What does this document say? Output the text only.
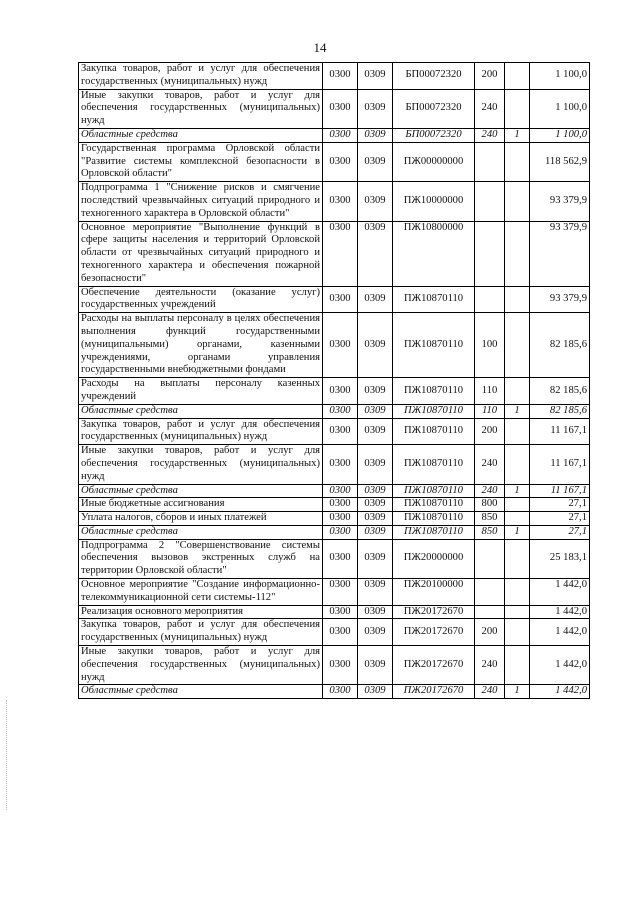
14
Закупка товаров, работ и услуг для обеспечения государственных (муниципальных) нужд	0300	0309	БП00072320	200		1 100,0
Иные закупки товаров, работ и услуг для обеспечения государственных (муниципальных) нужд	0300	0309	БП00072320	240		1 100,0
Областные средства	0300	0309	БП00072320	240	1	1 100,0
Государственная программа Орловской области "Развитие системы комплексной безопасности в Орловской области"	0300	0309	ПЖ00000000			118 562,9
Подпрограмма 1 "Снижение рисков и смягчение последствий чрезвычайных ситуаций природного и техногенного характера в Орловской области"	0300	0309	ПЖ10000000			93 379,9
Основное мероприятие "Выполнение функций в сфере защиты населения и территорий Орловской области от чрезвычайных ситуаций природного и техногенного характера и обеспечения пожарной безопасности"	0300	0309	ПЖ10800000			93 379,9
Обеспечение деятельности (оказание услуг) государственных учреждений	0300	0309	ПЖ10870110			93 379,9
Расходы на выплаты персоналу в целях обеспечения выполнения функций государственными (муниципальными) органами, казенными учреждениями, органами управления государственными внебюджетными фондами	0300	0309	ПЖ10870110	100		82 185,6
Расходы на выплаты персоналу казенных учреждений	0300	0309	ПЖ10870110	110		82 185,6
Областные средства	0300	0309	ПЖ10870110	110	1	82 185,6
Закупка товаров, работ и услуг для обеспечения государственных (муниципальных) нужд	0300	0309	ПЖ10870110	200		11 167,1
Иные закупки товаров, работ и услуг для обеспечения государственных (муниципальных) нужд	0300	0309	ПЖ10870110	240		11 167,1
Областные средства	0300	0309	ПЖ10870110	240	1	11 167,1
Иные бюджетные ассигнования	0300	0309	ПЖ10870110	800		27,1
Уплата налогов, сборов и иных платежей	0300	0309	ПЖ10870110	850		27,1
Областные средства	0300	0309	ПЖ10870110	850	1	27,1
Подпрограмма 2 "Совершенствование системы обеспечения вызовов экстренных служб на территории Орловской области"	0300	0309	ПЖ20000000			25 183,1
Основное мероприятие "Создание информационно-телекоммуникационной сети системы-112"	0300	0309	ПЖ20100000			1 442,0
Реализация основного мероприятия	0300	0309	ПЖ20172670			1 442,0
Закупка товаров, работ и услуг для обеспечения государственных (муниципальных) нужд	0300	0309	ПЖ20172670	200		1 442,0
Иные закупки товаров, работ и услуг для обеспечения государственных (муниципальных) нужд	0300	0309	ПЖ20172670	240		1 442,0
Областные средства	0300	0309	ПЖ20172670	240	1	1 442,0
